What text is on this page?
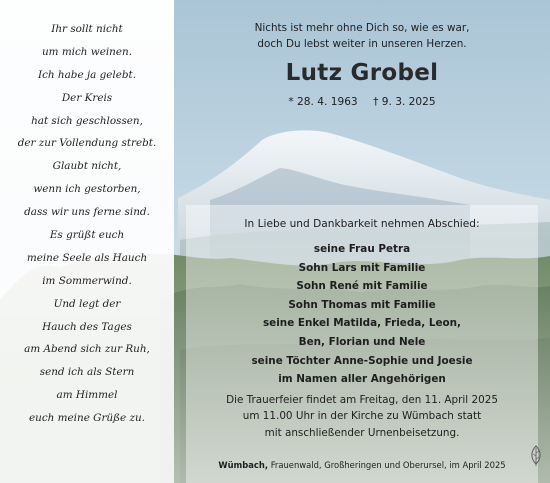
Ihr sollt nicht
um mich weinen.
Ich habe ja gelebt.
Der Kreis
hat sich geschlossen,
der zur Vollendung strebt.
Glaubt nicht,
wenn ich gestorben,
dass wir uns ferne sind.
Es grüßt euch
meine Seele als Hauch
im Sommerwind.
Und legt der
Hauch des Tages
am Abend sich zur Ruh,
send ich als Stern
am Himmel
euch meine Grüße zu.
Nichts ist mehr ohne Dich so, wie es war,
doch Du lebst weiter in unseren Herzen.
Lutz Grobel
* 28. 4. 1963 † 9. 3. 2025
In Liebe und Dankbarkeit nehmen Abschied:
seine Frau Petra
Sohn Lars mit Familie
Sohn René mit Familie
Sohn Thomas mit Familie
seine Enkel Matilda, Frieda, Leon,
Ben, Florian und Nele
seine Töchter Anne-Sophie und Joesie
im Namen aller Angehörigen
Die Trauerfeier findet am Freitag, den 11. April 2025
um 11.00 Uhr in der Kirche zu Wümbach statt
mit anschließender Urnenbeisetzung.
Wümbach, Frauenwald, Großheringen und Oberursel, im April 2025
